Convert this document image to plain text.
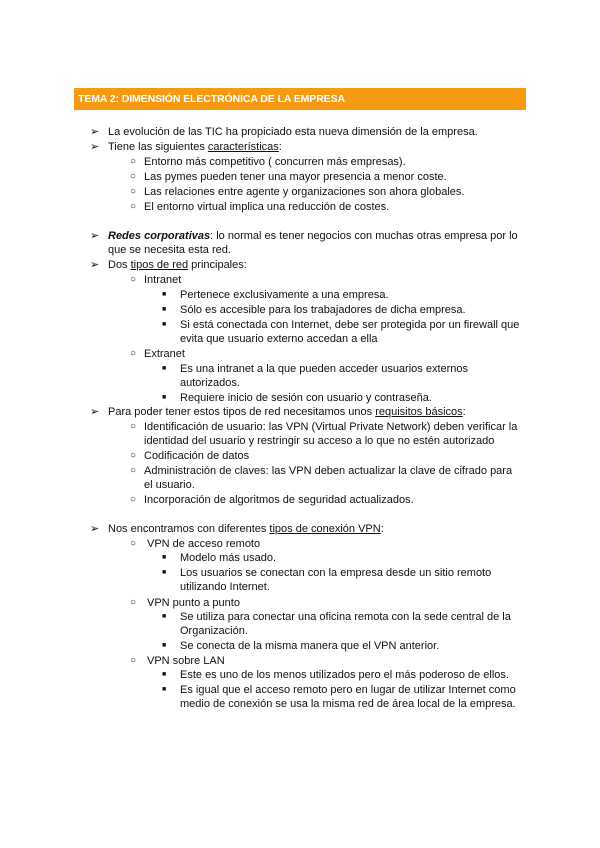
TEMA 2: DIMENSIÓN ELECTRÓNICA DE LA EMPRESA
➢ La evolución de las TIC ha propiciado esta nueva dimensión de la empresa.
➢ Tiene las siguientes características:
○ Entorno más competitivo ( concurren más empresas).
○ Las pymes pueden tener una mayor presencia a menor coste.
○ Las relaciones entre agente y organizaciones son ahora globales.
○ El entorno virtual implica una reducción de costes.
➢ Redes corporativas: lo normal es tener negocios con muchas otras empresa por lo
que se necesita esta red.
➢ Dos tipos de red principales:
○ Intranet
■ Pertenece exclusivamente a una empresa.
■ Sólo es accesible para los trabajadores de dicha empresa.
■ Si está conectada con Internet, debe ser protegida por un firewall que
evita que usuario externo accedan a ella
○ Extranet
■ Es una intranet a la que pueden acceder usuarios externos
autorizados.
■ Requiere inicio de sesión con usuario y contraseña.
➢ Para poder tener estos tipos de red necesitamos unos requisitos básicos:
○ Identificación de usuario: las VPN (Virtual Private Network) deben verificar la
identidad del usuario y restringir su acceso a lo que no estén autorizado
○ Codificación de datos
○ Administración de claves: las VPN deben actualizar la clave de cifrado para
el usuario.
○ Incorporación de algoritmos de seguridad actualizados.
➢ Nos encontramos con diferentes tipos de conexión VPN:
○ VPN de acceso remoto
■ Modelo más usado.
■ Los usuarios se conectan con la empresa desde un sitio remoto
utilizando Internet.
○ VPN punto a punto
■ Se utiliza para conectar una oficina remota con la sede central de la
Organización.
■ Se conecta de la misma manera que el VPN anterior.
○ VPN sobre LAN
■ Este es uno de los menos utilizados pero el más poderoso de ellos.
■ Es igual que el acceso remoto pero en lugar de utilizar Internet como
medio de conexión se usa la misma red de área local de la empresa.
